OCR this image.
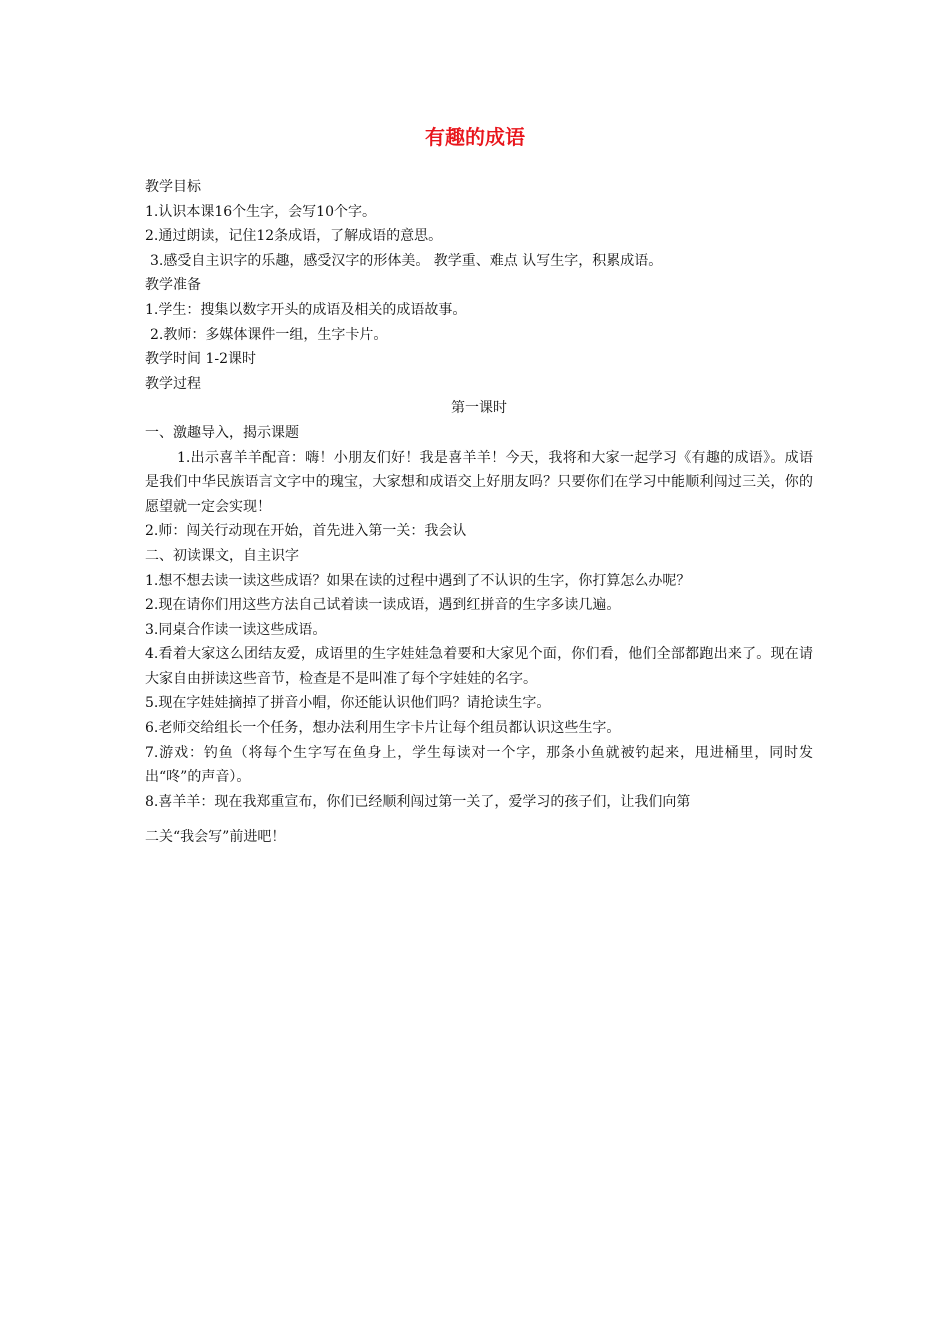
有趣的成语

教学目标

1.认识本课16个生字，会写10个字。

2.通过朗读，记住12条成语，了解成语的意思。

3.感受自主识字的乐趣，感受汉字的形体美。 教学重、难点 认写生字，积累成语。

教学准备

1.学生：搜集以数字开头的成语及相关的成语故事。

2.教师：多媒体课件一组，生字卡片。

教学时间 1-2课时

教学过程

第一课时

一、激趣导入，揭示课题

1.出示喜羊羊配音：嗨！小朋友们好！我是喜羊羊！今天，我将和大家一起学习《有趣的成语》。成语是我们中华民族语言文字中的瑰宝，大家想和成语交上好朋友吗？只要你们在学习中能顺利闯过三关，你的愿望就一定会实现！

2.师：闯关行动现在开始，首先进入第一关：我会认

二、初读课文，自主识字

1.想不想去读一读这些成语？如果在读的过程中遇到了不认识的生字，你打算怎么办呢？

2.现在请你们用这些方法自己试着读一读成语，遇到红拼音的生字多读几遍。

3.同桌合作读一读这些成语。

4.看着大家这么团结友爱，成语里的生字娃娃急着要和大家见个面，你们看，他们全部都跑出来了。现在请大家自由拼读这些音节，检查是不是叫准了每个字娃娃的名字。

5.现在字娃娃摘掉了拼音小帽，你还能认识他们吗？请抢读生字。

6.老师交给组长一个任务，想办法利用生字卡片让每个组员都认识这些生字。

7.游戏：钓鱼（将每个生字写在鱼身上，学生每读对一个字，那条小鱼就被钓起来，甩进桶里，同时发出“咚”的声音）。

8.喜羊羊：现在我郑重宣布，你们已经顺利闯过第一关了，爱学习的孩子们，让我们向第

二关“我会写”前进吧！
